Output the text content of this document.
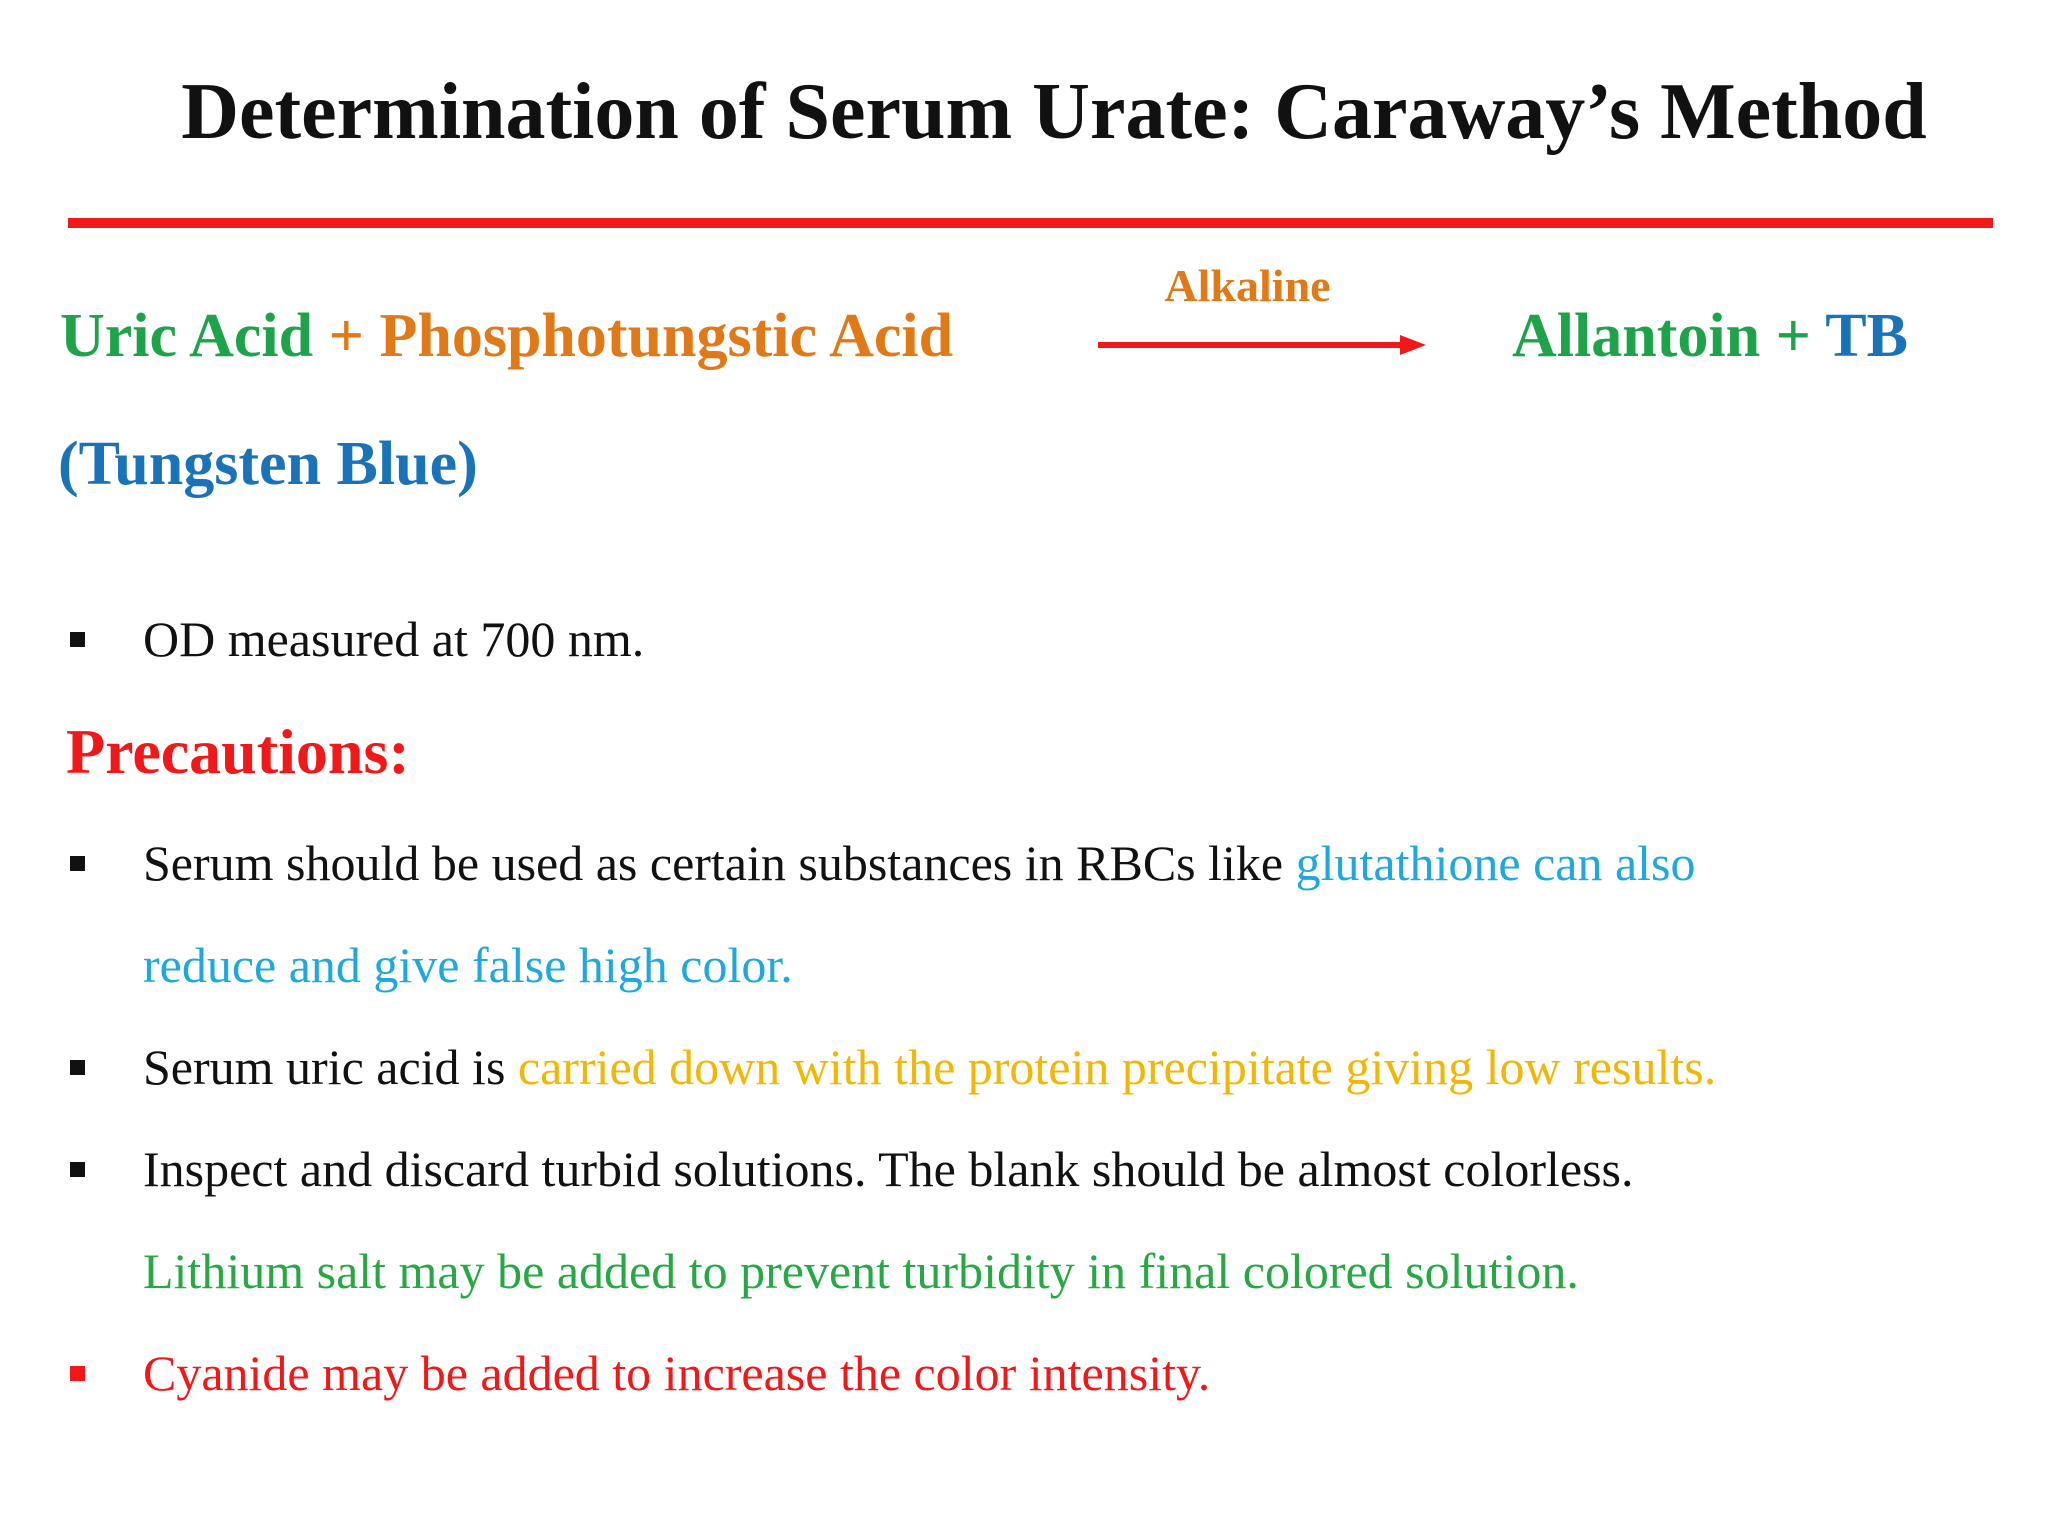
Determination of Serum Urate: Caraway’s Method
Uric Acid + Phosphotungstic Acid
Alkaline
Allantoin + TB
(Tungsten Blue)
OD measured at 700 nm.
Precautions:
Serum should be used as certain substances in RBCs like glutathione can also
reduce and give false high color.
Serum uric acid is carried down with the protein precipitate giving low results.
Inspect and discard turbid solutions. The blank should be almost colorless.
Lithium salt may be added to prevent turbidity in final colored solution.
Cyanide may be added to increase the color intensity.
